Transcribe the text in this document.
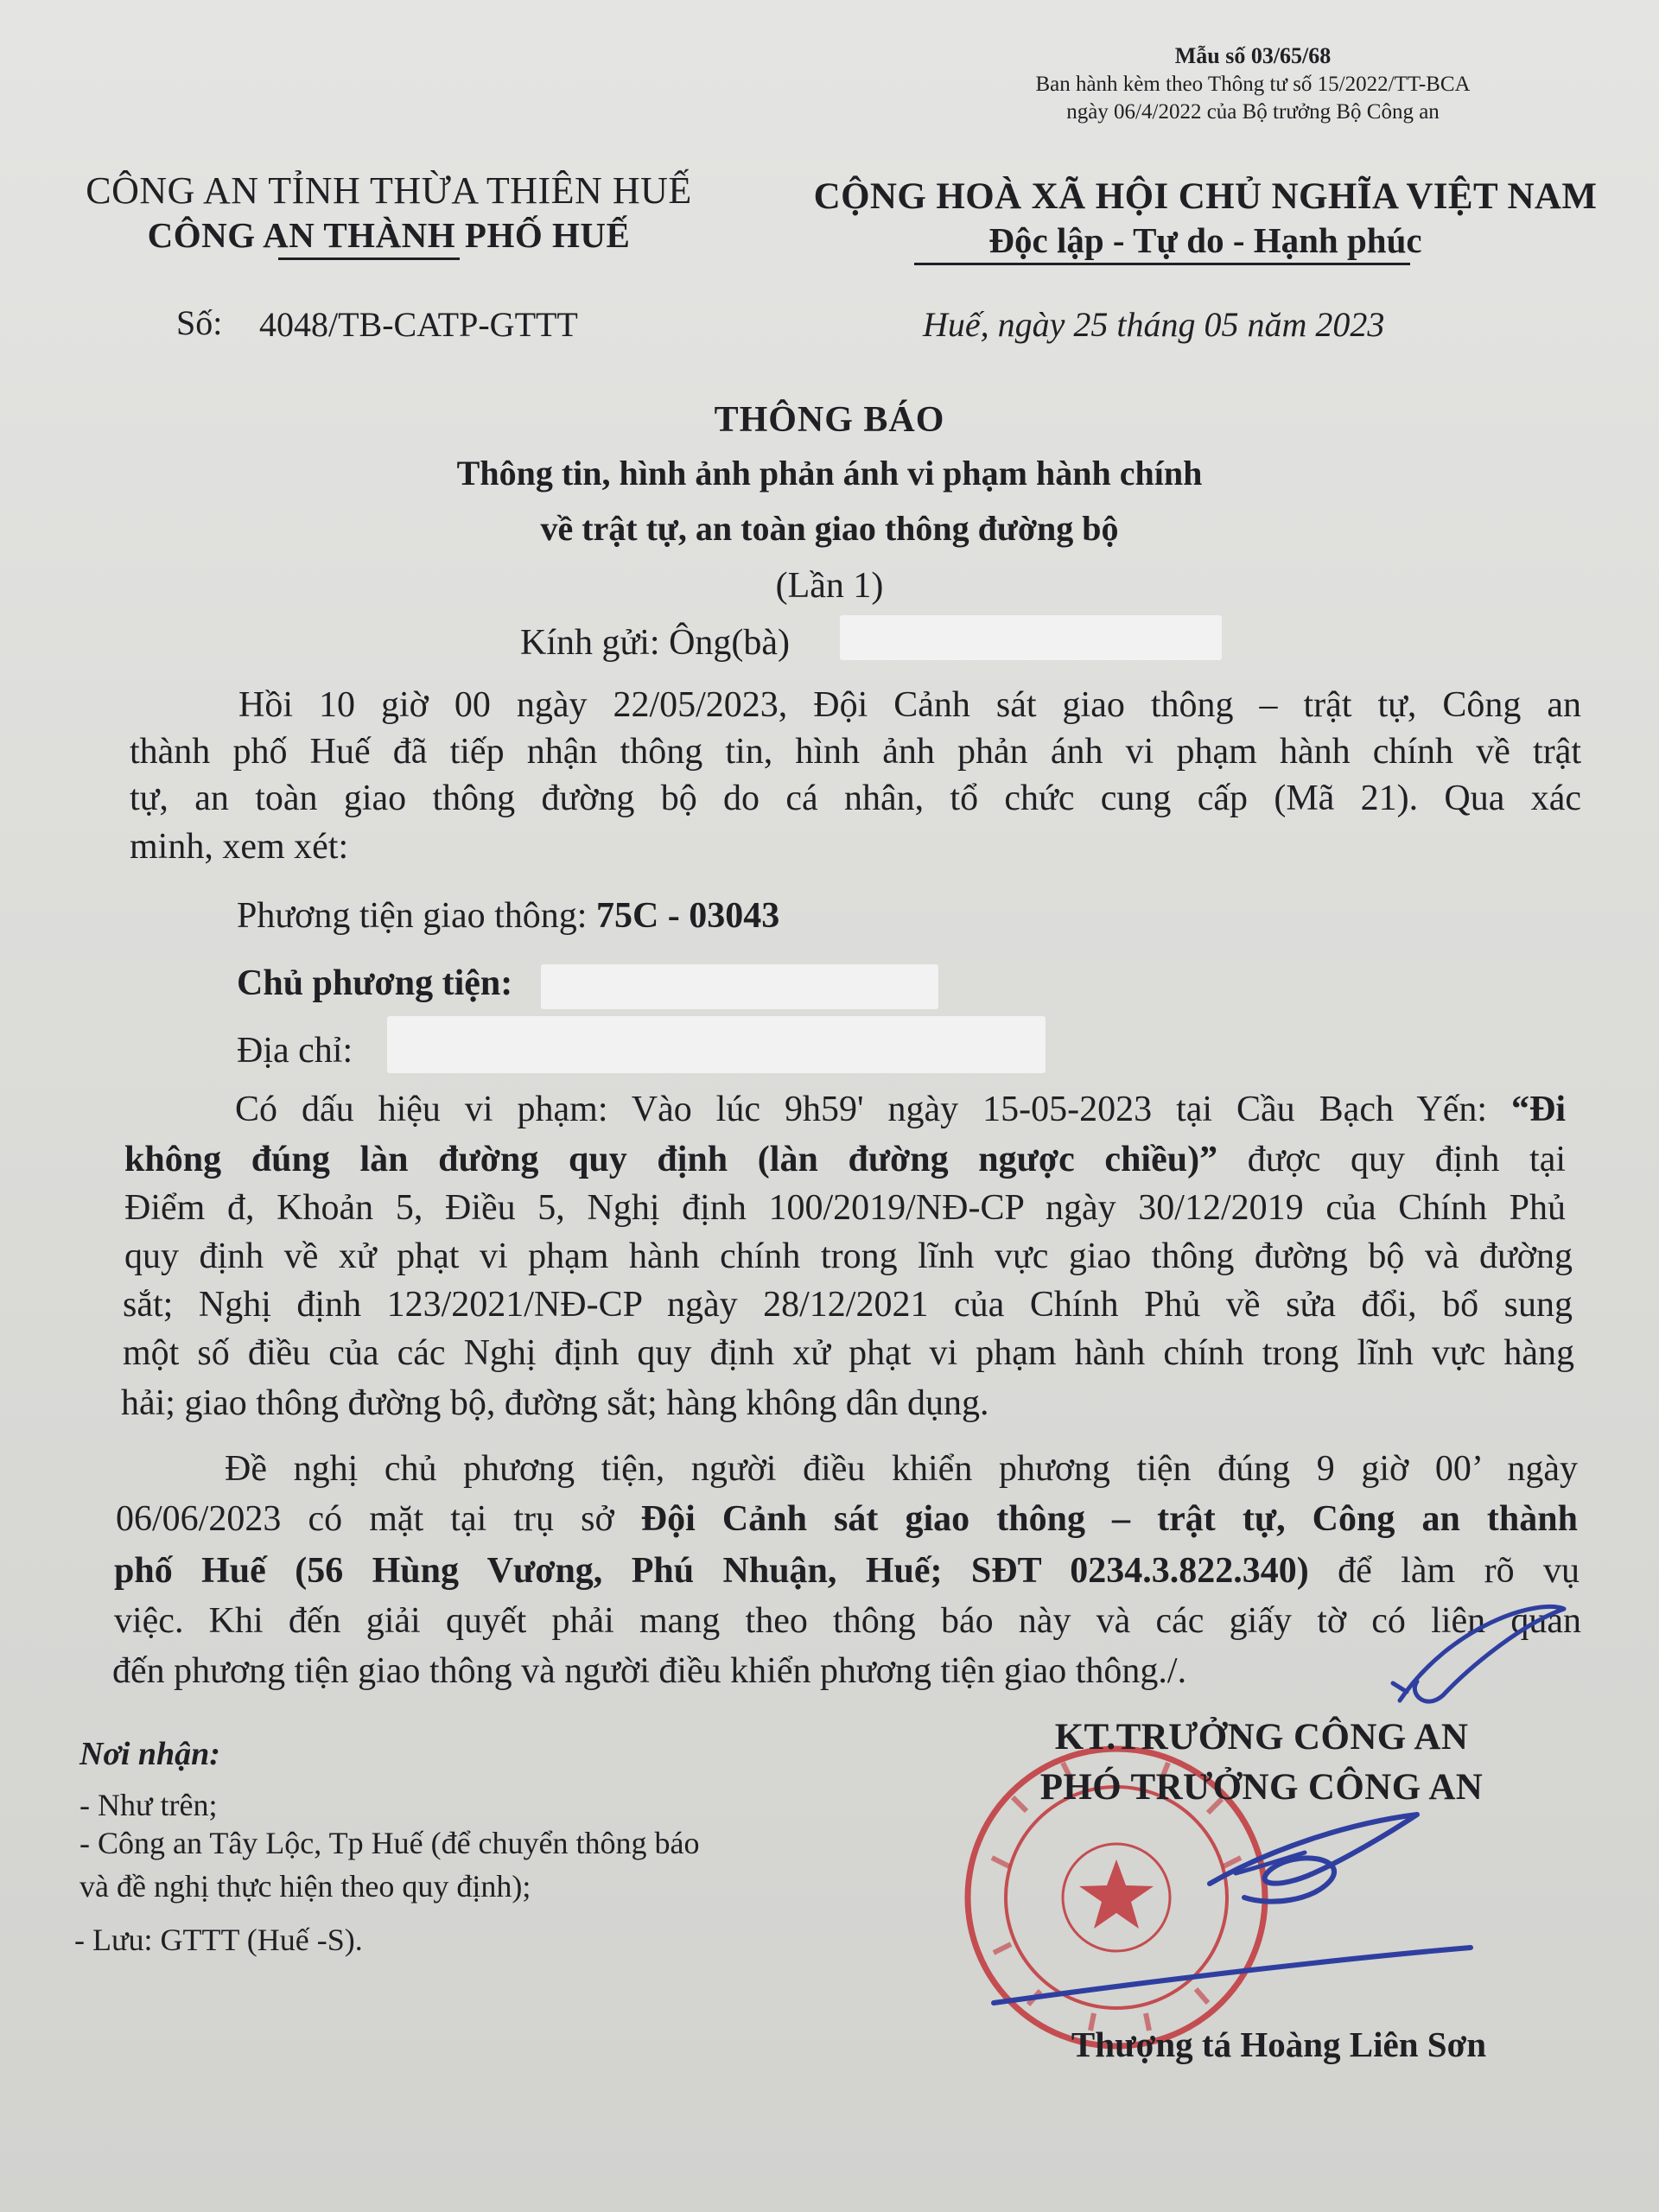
Mẫu số 03/65/68
Ban hành kèm theo Thông tư số 15/2022/TT-BCA
ngày 06/4/2022 của Bộ trưởng Bộ Công an
CÔNG AN TỈNH THỪA THIÊN HUẾ
CÔNG AN THÀNH PHỐ HUẾ
CỘNG HOÀ XÃ HỘI CHỦ NGHĨA VIỆT NAM
Độc lập - Tự do - Hạnh phúc
Số: 4048/TB-CATP-GTTT	Huế, ngày 25 tháng 05 năm 2023
THÔNG BÁO
Thông tin, hình ảnh phản ánh vi phạm hành chính
về trật tự, an toàn giao thông đường bộ
(Lần 1)
Kính gửi: Ông(bà)
Hồi 10 giờ 00 ngày 22/05/2023, Đội Cảnh sát giao thông – trật tự, Công an
thành phố Huế đã tiếp nhận thông tin, hình ảnh phản ánh vi phạm hành chính về trật
tự, an toàn giao thông đường bộ do cá nhân, tổ chức cung cấp (Mã 21). Qua xác
minh, xem xét:
Phương tiện giao thông: 75C - 03043
Chủ phương tiện:
Địa chỉ:
Có dấu hiệu vi phạm: Vào lúc 9h59' ngày 15-05-2023 tại Cầu Bạch Yến: “Đi
không đúng làn đường quy định (làn đường ngược chiều)” được quy định tại
Điểm đ, Khoản 5, Điều 5, Nghị định 100/2019/NĐ-CP ngày 30/12/2019 của Chính Phủ
quy định về xử phạt vi phạm hành chính trong lĩnh vực giao thông đường bộ và đường
sắt; Nghị định 123/2021/NĐ-CP ngày 28/12/2021 của Chính Phủ về sửa đổi, bổ sung
một số điều của các Nghị định quy định xử phạt vi phạm hành chính trong lĩnh vực hàng
hải; giao thông đường bộ, đường sắt; hàng không dân dụng.
Đề nghị chủ phương tiện, người điều khiển phương tiện đúng 9 giờ 00’ ngày
06/06/2023 có mặt tại trụ sở Đội Cảnh sát giao thông – trật tự, Công an thành
phố Huế (56 Hùng Vương, Phú Nhuận, Huế; SĐT 0234.3.822.340) để làm rõ vụ
việc. Khi đến giải quyết phải mang theo thông báo này và các giấy tờ có liên quan
đến phương tiện giao thông và người điều khiển phương tiện giao thông./.
Nơi nhận:
- Như trên;
- Công an Tây Lộc, Tp Huế (để chuyển thông báo
và đề nghị thực hiện theo quy định);
- Lưu: GTTT (Huế -S).
KT.TRƯỞNG CÔNG AN
PHÓ TRƯỞNG CÔNG AN
Thượng tá Hoàng Liên Sơn
